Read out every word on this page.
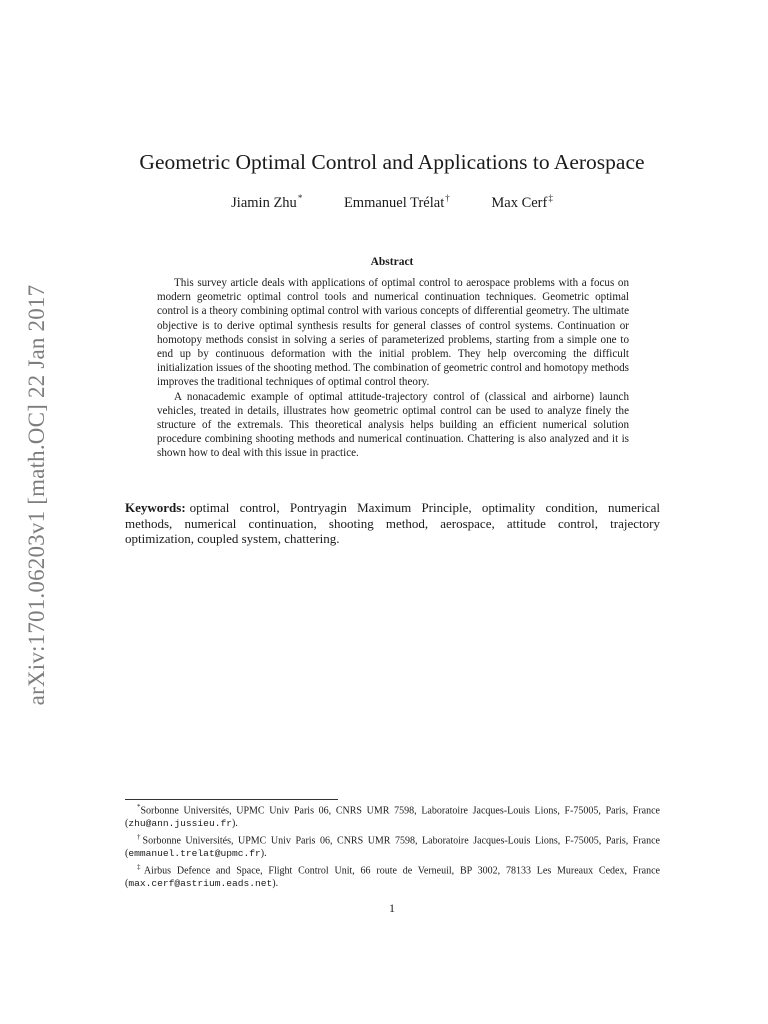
arXiv:1701.06203v1 [math.OC] 22 Jan 2017
Geometric Optimal Control and Applications to Aerospace
Jiamin Zhu*	Emmanuel Trélat†	Max Cerf‡
Abstract

This survey article deals with applications of optimal control to aerospace problems with a focus on modern geometric optimal control tools and numerical continuation techniques. Geometric optimal control is a theory combining optimal control with various concepts of differential geometry. The ultimate objective is to derive optimal synthesis results for general classes of control systems. Continuation or homotopy methods consist in solving a series of parameterized problems, starting from a simple one to end up by continuous deformation with the initial problem. They help overcoming the difficult initialization issues of the shooting method. The combination of geometric control and homotopy methods improves the traditional techniques of optimal control theory.

A nonacademic example of optimal attitude-trajectory control of (classical and airborne) launch vehicles, treated in details, illustrates how geometric optimal control can be used to analyze finely the structure of the extremals. This theoretical analysis helps building an efficient numerical solution procedure combining shooting methods and numerical continuation. Chattering is also analyzed and it is shown how to deal with this issue in practice.

Keywords: optimal control, Pontryagin Maximum Principle, optimality condition, numerical methods, numerical continuation, shooting method, aerospace, attitude control, trajectory optimization, coupled system, chattering.

*Sorbonne Universités, UPMC Univ Paris 06, CNRS UMR 7598, Laboratoire Jacques-Louis Lions, F-75005, Paris, France (zhu@ann.jussieu.fr).

†Sorbonne Universités, UPMC Univ Paris 06, CNRS UMR 7598, Laboratoire Jacques-Louis Lions, F-75005, Paris, France (emmanuel.trelat@upmc.fr).

‡Airbus Defence and Space, Flight Control Unit, 66 route de Verneuil, BP 3002, 78133 Les Mureaux Cedex, France (max.cerf@astrium.eads.net).

1
